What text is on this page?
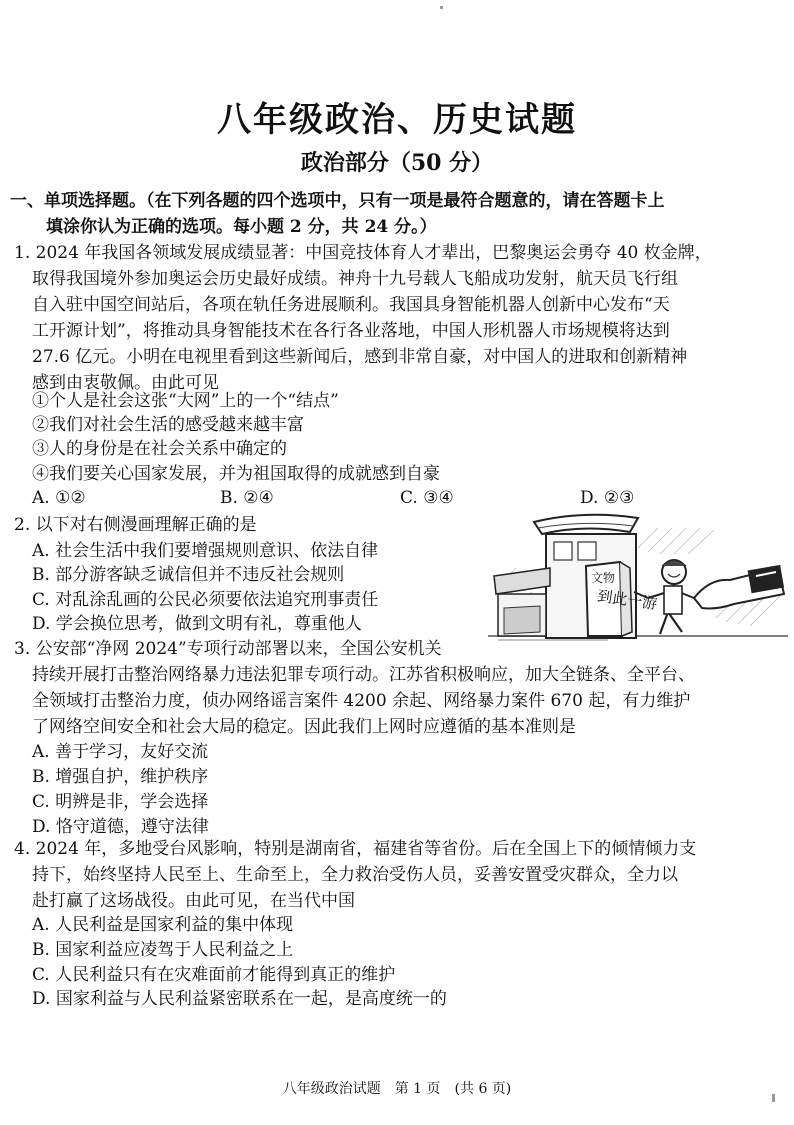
八年级政治、历史试题
政治部分（50 分）
一、单项选择题。（在下列各题的四个选项中，只有一项是最符合题意的，请在答题卡上
填涂你认为正确的选项。每小题 2 分，共 24 分。）
1. 2024 年我国各领域发展成绩显著：中国竞技体育人才辈出，巴黎奥运会勇夺 40 枚金牌，
取得我国境外参加奥运会历史最好成绩。神舟十九号载人飞船成功发射，航天员飞行组
自入驻中国空间站后，各项在轨任务进展顺利。我国具身智能机器人创新中心发布“天
工开源计划”，将推动具身智能技术在各行各业落地，中国人形机器人市场规模将达到
27.6 亿元。小明在电视里看到这些新闻后，感到非常自豪，对中国人的进取和创新精神
感到由衷敬佩。由此可见
①个人是社会这张“大网”上的一个“结点”
②我们对社会生活的感受越来越丰富
③人的身份是在社会关系中确定的
④我们要关心国家发展，并为祖国取得的成就感到自豪
A. ①②	B. ②④	C. ③④	D. ②③
2. 以下对右侧漫画理解正确的是
A. 社会生活中我们要增强规则意识、依法自律
B. 部分游客缺乏诚信但并不违反社会规则
C. 对乱涂乱画的公民必须要依法追究刑事责任
D. 学会换位思考，做到文明有礼，尊重他人
文物
到此一游
3. 公安部“净网 2024”专项行动部署以来，全国公安机关
持续开展打击整治网络暴力违法犯罪专项行动。江苏省积极响应，加大全链条、全平台、
全领域打击整治力度，侦办网络谣言案件 4200 余起、网络暴力案件 670 起，有力维护
了网络空间安全和社会大局的稳定。因此我们上网时应遵循的基本准则是
A. 善于学习，友好交流
B. 增强自护，维护秩序
C. 明辨是非，学会选择
D. 恪守道德，遵守法律
4. 2024 年，多地受台风影响，特别是湖南省，福建省等省份。后在全国上下的倾情倾力支
持下，始终坚持人民至上、生命至上，全力救治受伤人员，妥善安置受灾群众，全力以
赴打赢了这场战役。由此可见，在当代中国
A. 人民利益是国家利益的集中体现
B. 国家利益应凌驾于人民利益之上
C. 人民利益只有在灾难面前才能得到真正的维护
D. 国家利益与人民利益紧密联系在一起，是高度统一的
八年级政治试题　第 1 页　(共 6 页)
